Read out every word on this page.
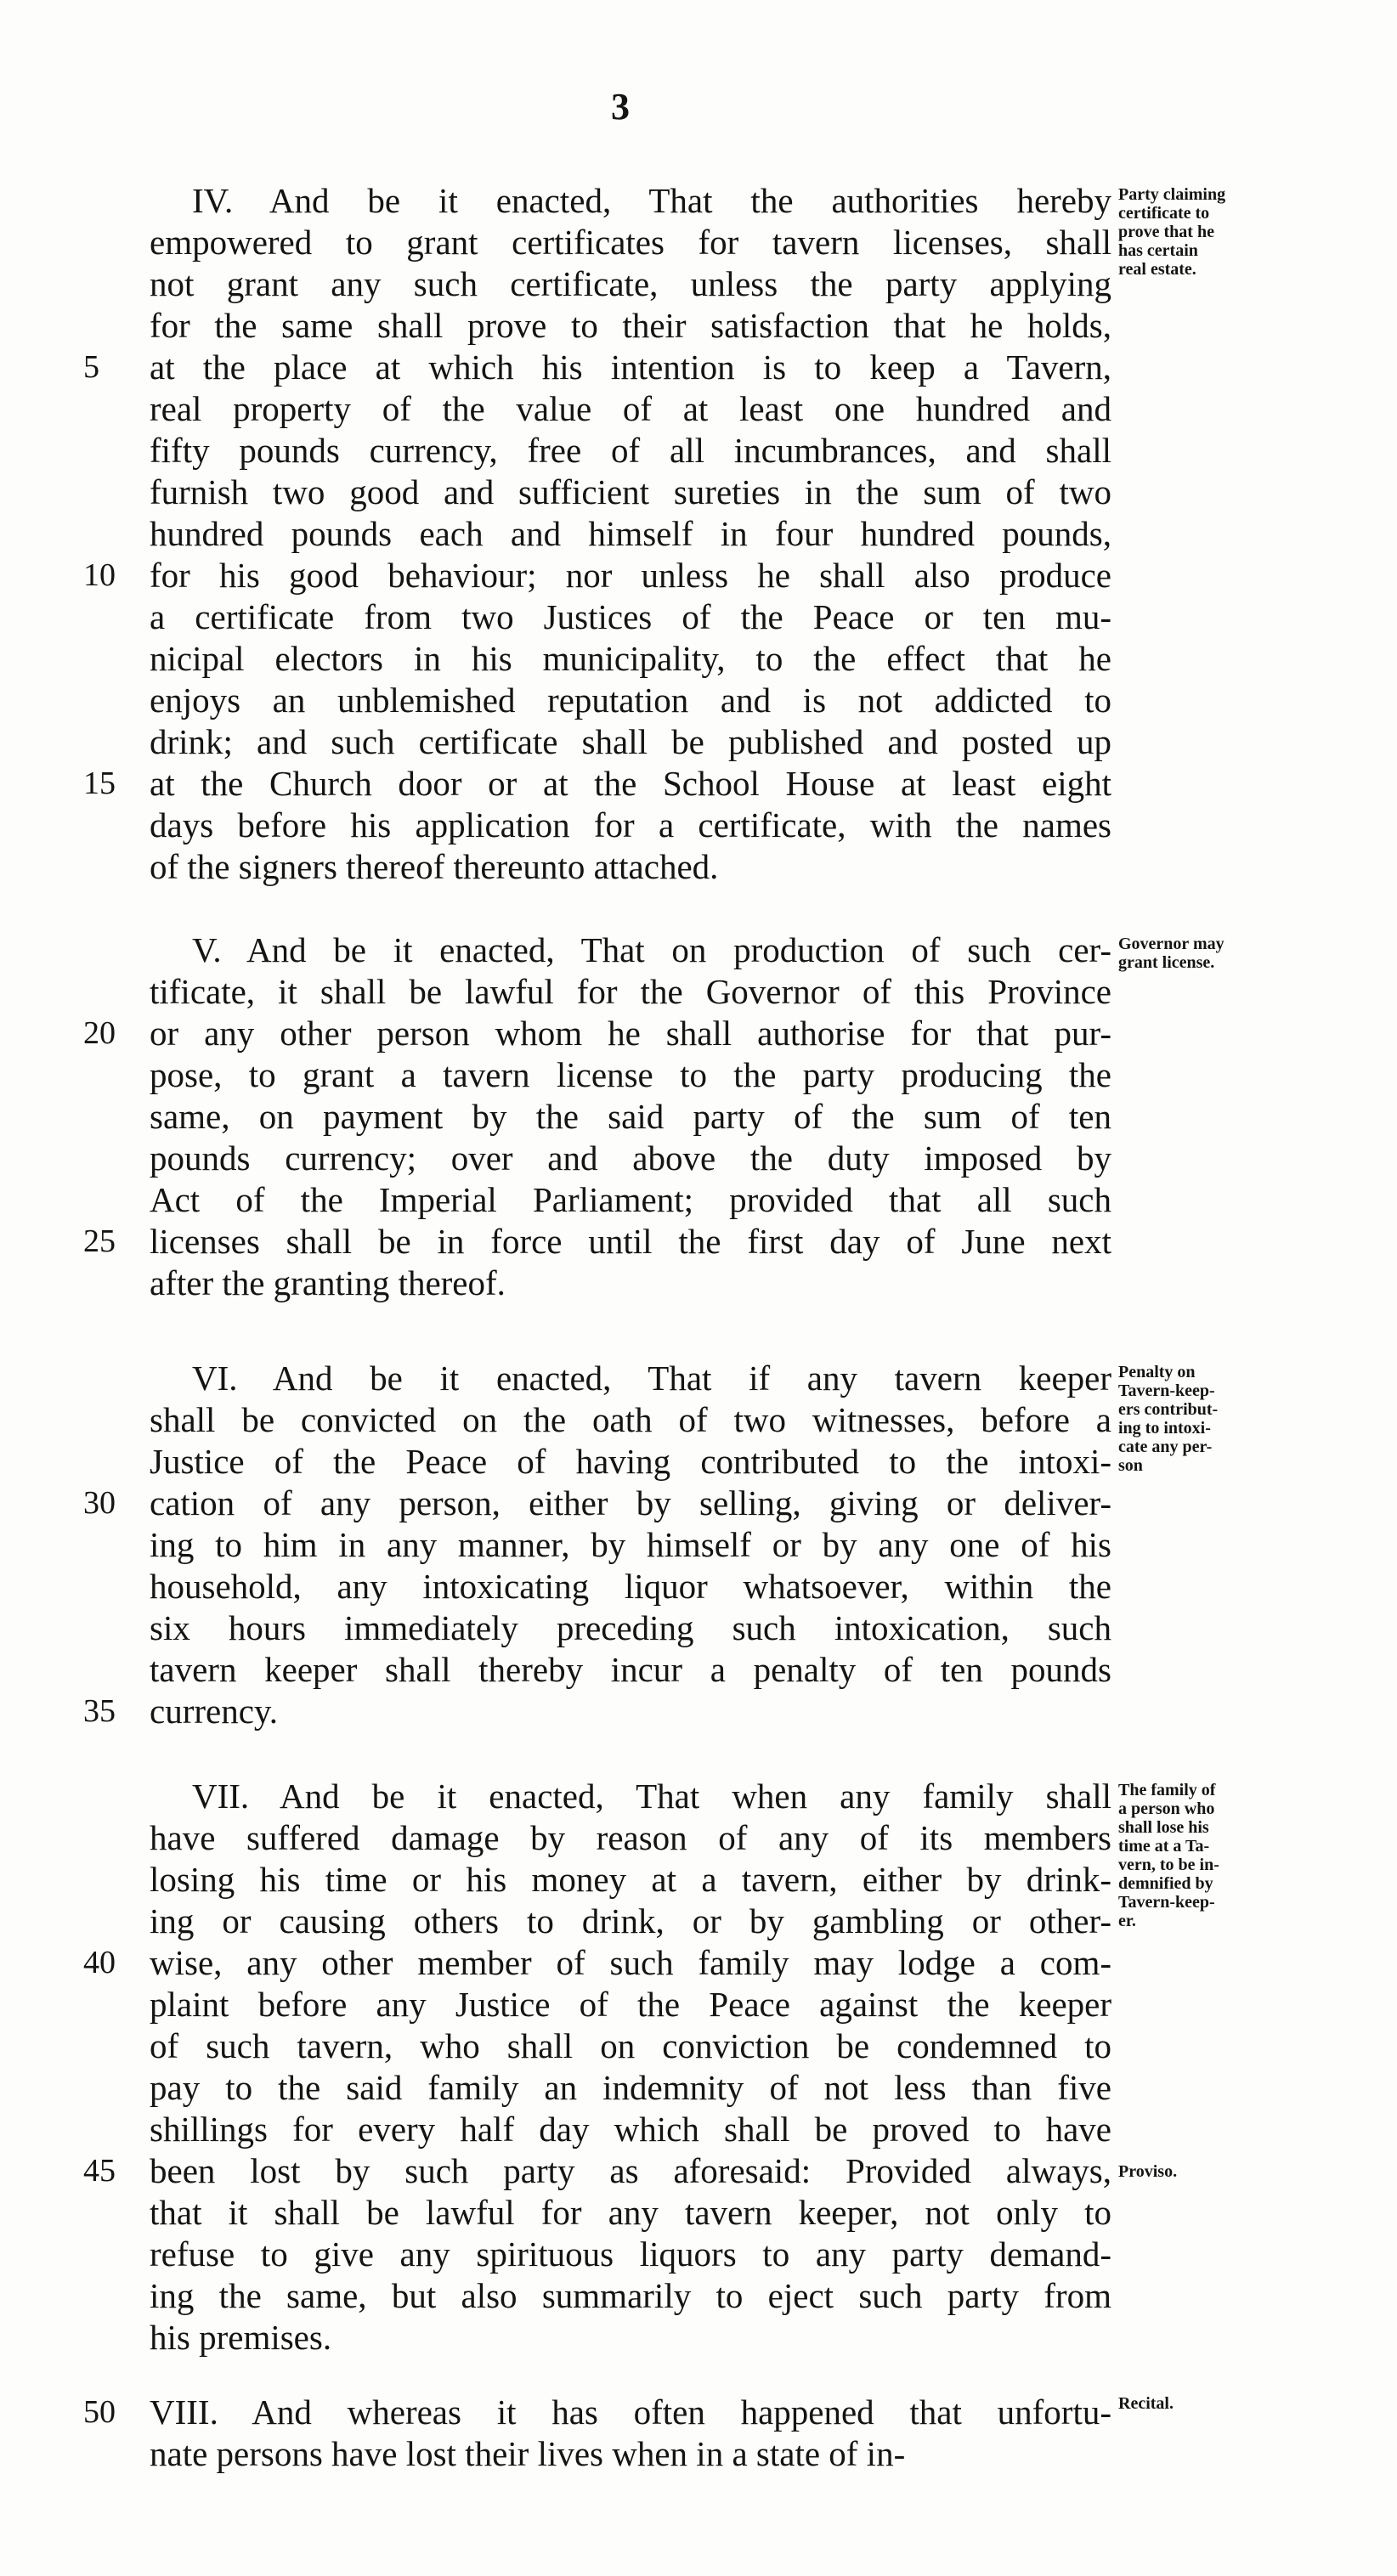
3
IV. And be it enacted, That the authorities hereby
empowered to grant certificates for tavern licenses, shall
not grant any such certificate, unless the party applying
for the same shall prove to their satisfaction that he holds,
at the place at which his intention is to keep a Tavern,
5
real property of the value of at least one hundred and
fifty pounds currency, free of all incumbrances, and shall
furnish two good and sufficient sureties in the sum of two
hundred pounds each and himself in four hundred pounds,
for his good behaviour; nor unless he shall also produce
10
a certificate from two Justices of the Peace or ten mu-
nicipal electors in his municipality, to the effect that he
enjoys an unblemished reputation and is not addicted to
drink; and such certificate shall be published and posted up
at the Church door or at the School House at least eight
15
days before his application for a certificate, with the names
of the signers thereof thereunto attached.
Party claiming
certificate to
prove that he
has certain
real estate.
V. And be it enacted, That on production of such cer-
tificate, it shall be lawful for the Governor of this Province
or any other person whom he shall authorise for that pur-
20
pose, to grant a tavern license to the party producing the
same, on payment by the said party of the sum of ten
pounds currency; over and above the duty imposed by
Act of the Imperial Parliament; provided that all such
licenses shall be in force until the first day of June next
25
after the granting thereof.
Governor may
grant license.
VI. And be it enacted, That if any tavern keeper
shall be convicted on the oath of two witnesses, before a
Justice of the Peace of having contributed to the intoxi-
cation of any person, either by selling, giving or deliver-
30
ing to him in any manner, by himself or by any one of his
household, any intoxicating liquor whatsoever, within the
six hours immediately preceding such intoxication, such
tavern keeper shall thereby incur a penalty of ten pounds
currency.
35
Penalty on
Tavern-keep-
ers contribut-
ing to intoxi-
cate any per-
son
VII. And be it enacted, That when any family shall
have suffered damage by reason of any of its members
losing his time or his money at a tavern, either by drink-
ing or causing others to drink, or by gambling or other-
wise, any other member of such family may lodge a com-
40
plaint before any Justice of the Peace against the keeper
of such tavern, who shall on conviction be condemned to
pay to the said family an indemnity of not less than five
shillings for every half day which shall be proved to have
been lost by such party as aforesaid: Provided always,
45
that it shall be lawful for any tavern keeper, not only to
refuse to give any spirituous liquors to any party demand-
ing the same, but also summarily to eject such party from
his premises.
The family of
a person who
shall lose his
time at a Ta-
vern, to be in-
demnified by
Tavern-keep-
er.
Proviso.
VIII. And whereas it has often happened that unfortu-
50
nate persons have lost their lives when in a state of in-
Recital.
